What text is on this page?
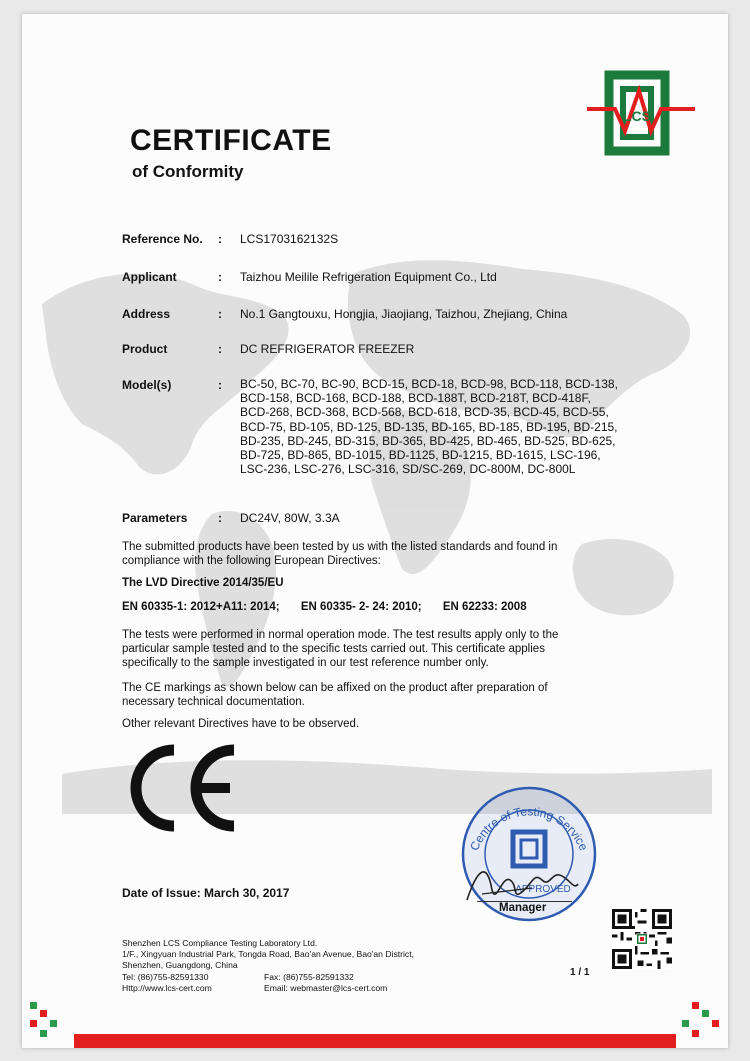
LCS
CERTIFICATE
of Conformity
Reference No.	: LCS1703162132S
Applicant	: Taizhou Meilile Refrigeration Equipment Co., Ltd
Address	: No.1 Gangtouxu, Hongjia, Jiaojiang, Taizhou, Zhejiang, China
Product	: DC REFRIGERATOR FREEZER
Model(s)	: BC-50, BC-70, BC-90, BCD-15, BCD-18, BCD-98, BCD-118, BCD-138, BCD-158, BCD-168, BCD-188, BCD-188T, BCD-218T, BCD-418F, BCD-268, BCD-368, BCD-568, BCD-618, BCD-35, BCD-45, BCD-55, BCD-75, BD-105, BD-125, BD-135, BD-165, BD-185, BD-195, BD-215, BD-235, BD-245, BD-315, BD-365, BD-425, BD-465, BD-525, BD-625, BD-725, BD-865, BD-1015, BD-1125, BD-1215, BD-1615, LSC-196, LSC-236, LSC-276, LSC-316, SD/SC-269, DC-800M, DC-800L
Parameters	: DC24V, 80W, 3.3A
The submitted products have been tested by us with the listed standards and found in compliance with the following European Directives:
The LVD Directive 2014/35/EU
EN 60335-1: 2012+A11: 2014; EN 60335- 2- 24: 2010; EN 62233: 2008
The tests were performed in normal operation mode. The test results apply only to the particular sample tested and to the specific tests carried out. This certificate applies specifically to the sample investigated in our test reference number only.
The CE markings as shown below can be affixed on the product after preparation of necessary technical documentation.
Other relevant Directives have to be observed.
Date of Issue: March 30, 2017
Centre of Testing Service
APPROVED
Manager
Shenzhen LCS Compliance Testing Laboratory Ltd.
1/F., Xingyuan Industrial Park, Tongda Road, Bao'an Avenue, Bao'an District,
Shenzhen, Guangdong, China
Tel: (86)755-82591330	Fax: (86)755-82591332
Http://www.lcs-cert.com	Email: webmaster@lcs-cert.com
1 / 1
